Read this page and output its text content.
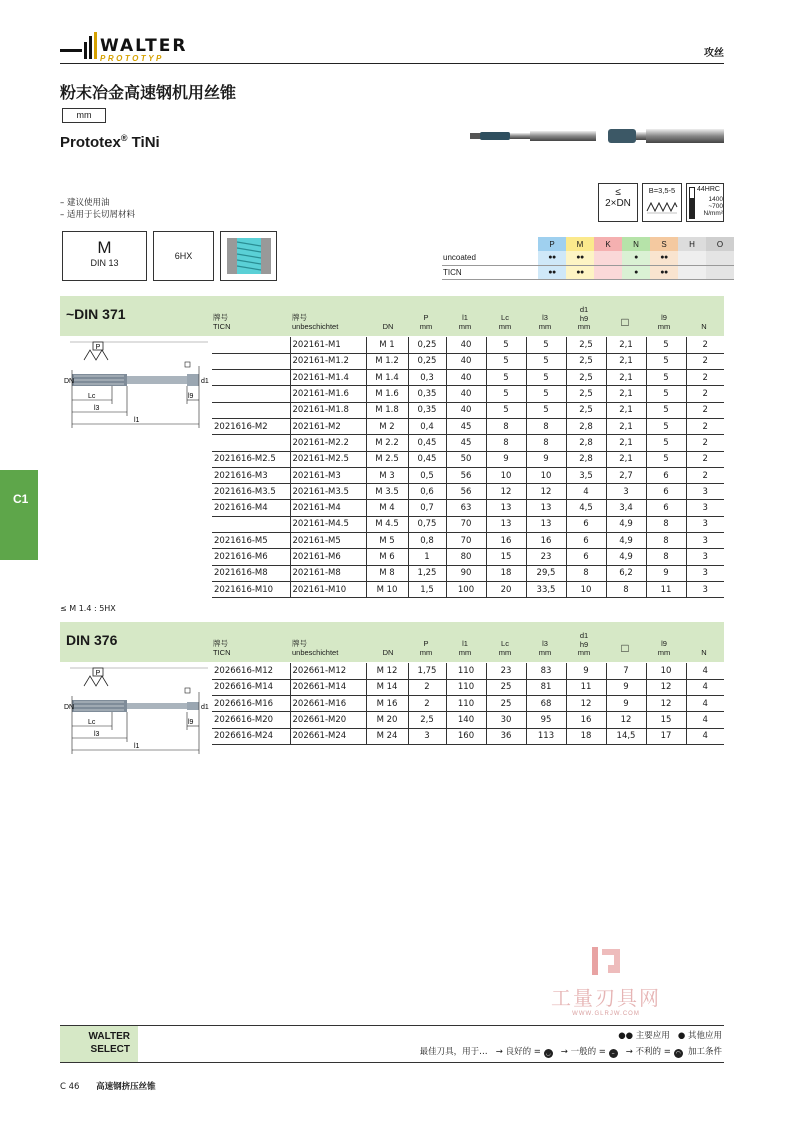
WALTER
PROTOTYP	攻丝
粉末冶金高速钢机用丝锥
mm
Prototex® TiNi
≤
2×DN
B=3,5-5	44HRC
1400
~700
N/mm²
– 建议使用油
– 适用于长切屑材料
M
DIN 13
6HX
	P	M	K	N	S	H	O
uncoated	●●	●●		●	●●		
TICN	●●	●●		●	●●		
~DIN 371	牌号
TICN
牌号
unbeschichtet	DN
P
mm
l1
mm
Lc
mm
l3
mm
d1
h9
mm	□	l9
mm	N
P
DN	d1
Lc
l3
l1
l9
	202161-M1	M 1	0,25	40	5	5	2,5	2,1	5	2
	202161-M1.2	M 1.2	0,25	40	5	5	2,5	2,1	5	2
	202161-M1.4	M 1.4	0,3	40	5	5	2,5	2,1	5	2
	202161-M1.6	M 1.6	0,35	40	5	5	2,5	2,1	5	2
	202161-M1.8	M 1.8	0,35	40	5	5	2,5	2,1	5	2
2021616-M2	202161-M2	M 2	0,4	45	8	8	2,8	2,1	5	2
	202161-M2.2	M 2.2	0,45	45	8	8	2,8	2,1	5	2
2021616-M2.5	202161-M2.5	M 2.5	0,45	50	9	9	2,8	2,1	5	2
2021616-M3	202161-M3	M 3	0,5	56	10	10	3,5	2,7	6	2
2021616-M3.5	202161-M3.5	M 3.5	0,6	56	12	12	4	3	6	3
2021616-M4	202161-M4	M 4	0,7	63	13	13	4,5	3,4	6	3
	202161-M4.5	M 4.5	0,75	70	13	13	6	4,9	8	3
2021616-M5	202161-M5	M 5	0,8	70	16	16	6	4,9	8	3
2021616-M6	202161-M6	M 6	1	80	15	23	6	4,9	8	3
2021616-M8	202161-M8	M 8	1,25	90	18	29,5	8	6,2	9	3
2021616-M10	202161-M10	M 10	1,5	100	20	33,5	10	8	11	3
≤ M 1.4 : 5HX
DIN 376	牌号
TICN
牌号
unbeschichtet	DN
P
mm
l1
mm
Lc
mm
l3
mm
d1
h9
mm	□	l9
mm	N
P
DN	d1
Lc
l3
l1
l9
2026616-M12	202661-M12	M 12	1,75	110	23	83	9	7	10	4
2026616-M14	202661-M14	M 14	2	110	25	81	11	9	12	4
2026616-M16	202661-M16	M 16	2	110	25	68	12	9	12	4
2026616-M20	202661-M20	M 20	2,5	140	30	95	16	12	15	4
2026616-M24	202661-M24	M 24	3	160	36	113	18	14,5	17	4
C1
工量刃具网
WWW.GLRJW.COM
WALTER
SELECT
●● 主要应用 ● 其他应用
最佳刀具，用于… → 良好的 = ◡ → 一般的 = – → 不利的 = ◠ 加工条件
C 46 高速钢挤压丝锥
